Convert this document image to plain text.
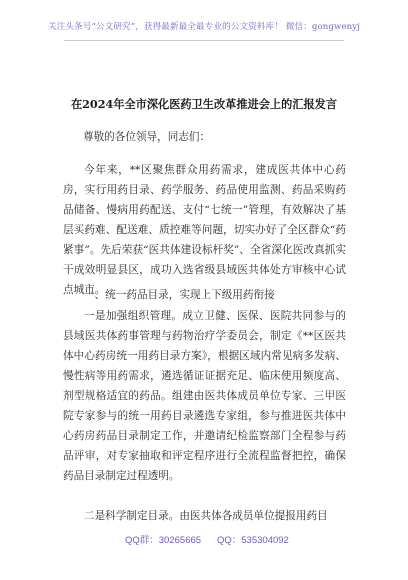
关注头条号“公文研究”，获得最新最全最专业的公文资料库！ 微信：gongwenyj
在2024年全市深化医药卫生改革推进会上的汇报发言
尊敬的各位领导，同志们：

今年来，**区聚焦群众用药需求，建成医共体中心药房，实行用药目录、药学服务、药品使用监测、药品采购药品储备、慢病用药配送、支付“七统一”管理，有效解决了基层买药难、配送难、质控难等问题，切实办好了全区群众“药紧事”。先后荣获“医共体建设标杆奖”、全省深化医改真抓实干成效明显县区，成功入选省级县域医共体处方审核中心试点城市。

一、统一药品目录，实现上下级用药衔接

一是加强组织管理。成立卫健、医保、医院共同参与的县域医共体药事管理与药物治疗学委员会，制定《**区医共体中心药房统一用药目录方案》，根据区域内常见病多发病、慢性病等用药需求，遴选循证证据充足、临床使用频度高、剂型规格适宜的药品。组建由医共体成员单位专家、三甲医院专家参与的统一用药目录遴选专家组，参与推进医共体中心药房药品目录制定工作，并邀请纪检监察部门全程参与药品评审，对专家抽取和评定程序进行全流程监督把控，确保药品目录制定过程透明。

二是科学制定目录。由医共体各成员单位提报用药目

QQ群：30265665 QQ：535304092
